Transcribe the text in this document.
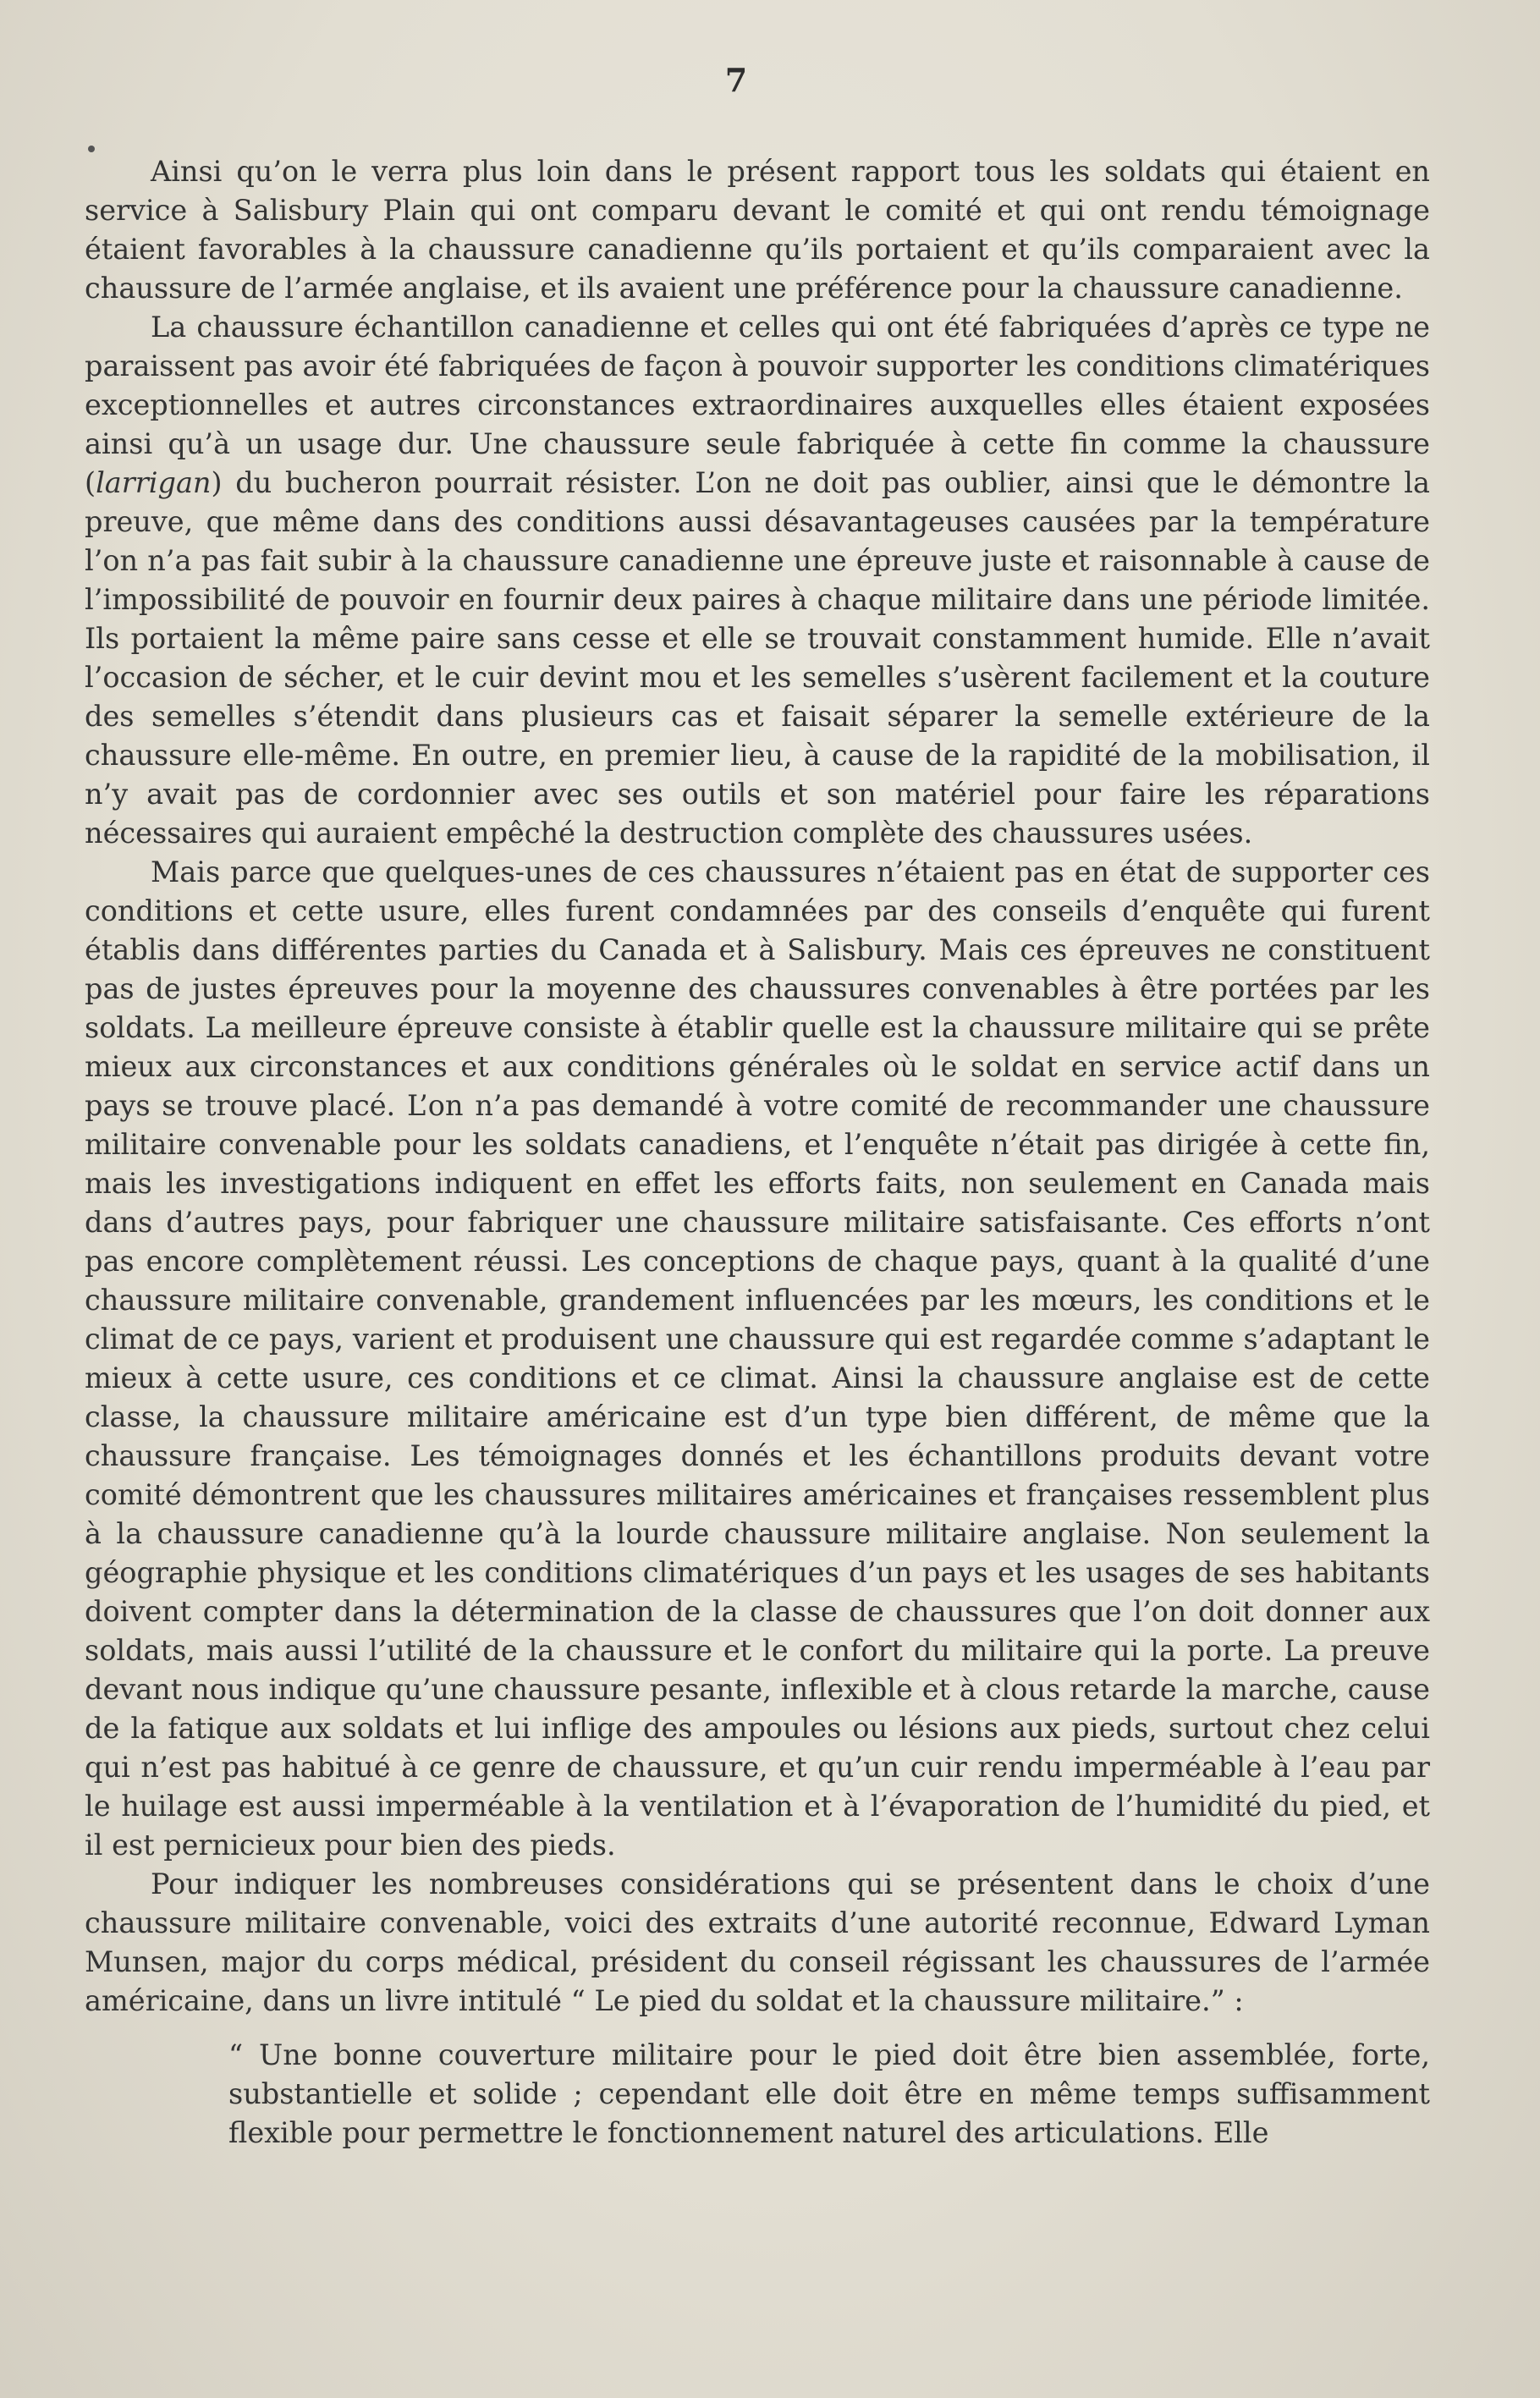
7

Ainsi qu’on le verra plus loin dans le présent rapport tous les soldats qui étaient en service à Salisbury Plain qui ont comparu devant le comité et qui ont rendu témoignage étaient favorables à la chaussure canadienne qu’ils portaient et qu’ils comparaient avec la chaussure de l’armée anglaise, et ils avaient une préférence pour la chaussure canadienne.

La chaussure échantillon canadienne et celles qui ont été fabriquées d’après ce type ne paraissent pas avoir été fabriquées de façon à pouvoir supporter les conditions climatériques exceptionnelles et autres circonstances extraordinaires auxquelles elles étaient exposées ainsi qu’à un usage dur. Une chaussure seule fabriquée à cette fin comme la chaussure (larrigan) du bucheron pourrait résister. L’on ne doit pas oublier, ainsi que le démontre la preuve, que même dans des conditions aussi désavantageuses causées par la température l’on n’a pas fait subir à la chaussure canadienne une épreuve juste et raisonnable à cause de l’impossibilité de pouvoir en fournir deux paires à chaque militaire dans une période limitée. Ils portaient la même paire sans cesse et elle se trouvait constamment humide. Elle n’avait l’occasion de sécher, et le cuir devint mou et les semelles s’usèrent facilement et la couture des semelles s’étendit dans plusieurs cas et faisait séparer la semelle extérieure de la chaussure elle-même. En outre, en premier lieu, à cause de la rapidité de la mobilisation, il n’y avait pas de cordonnier avec ses outils et son matériel pour faire les réparations nécessaires qui auraient empêché la destruction complète des chaussures usées.

Mais parce que quelques-unes de ces chaussures n’étaient pas en état de supporter ces conditions et cette usure, elles furent condamnées par des conseils d’enquête qui furent établis dans différentes parties du Canada et à Salisbury. Mais ces épreuves ne constituent pas de justes épreuves pour la moyenne des chaussures convenables à être portées par les soldats. La meilleure épreuve consiste à établir quelle est la chaussure militaire qui se prête mieux aux circonstances et aux conditions générales où le soldat en service actif dans un pays se trouve placé. L’on n’a pas demandé à votre comité de recommander une chaussure militaire convenable pour les soldats canadiens, et l’enquête n’était pas dirigée à cette fin, mais les investigations indiquent en effet les efforts faits, non seulement en Canada mais dans d’autres pays, pour fabriquer une chaussure militaire satisfaisante. Ces efforts n’ont pas encore complètement réussi. Les conceptions de chaque pays, quant à la qualité d’une chaussure militaire convenable, grandement influencées par les mœurs, les conditions et le climat de ce pays, varient et produisent une chaussure qui est regardée comme s’adaptant le mieux à cette usure, ces conditions et ce climat. Ainsi la chaussure anglaise est de cette classe, la chaussure militaire américaine est d’un type bien différent, de même que la chaussure française. Les témoignages donnés et les échantillons produits devant votre comité démontrent que les chaussures militaires américaines et françaises ressemblent plus à la chaussure canadienne qu’à la lourde chaussure militaire anglaise. Non seulement la géographie physique et les conditions climatériques d’un pays et les usages de ses habitants doivent compter dans la détermination de la classe de chaussures que l’on doit donner aux soldats, mais aussi l’utilité de la chaussure et le confort du militaire qui la porte. La preuve devant nous indique qu’une chaussure pesante, inflexible et à clous retarde la marche, cause de la fatique aux soldats et lui inflige des ampoules ou lésions aux pieds, surtout chez celui qui n’est pas habitué à ce genre de chaussure, et qu’un cuir rendu imperméable à l’eau par le huilage est aussi imperméable à la ventilation et à l’évaporation de l’humidité du pied, et il est pernicieux pour bien des pieds.

Pour indiquer les nombreuses considérations qui se présentent dans le choix d’une chaussure militaire convenable, voici des extraits d’une autorité reconnue, Edward Lyman Munsen, major du corps médical, président du conseil régissant les chaussures de l’armée américaine, dans un livre intitulé “ Le pied du soldat et la chaussure militaire.” :

“ Une bonne couverture militaire pour le pied doit être bien assemblée, forte, substantielle et solide ; cependant elle doit être en même temps suffisamment flexible pour permettre le fonctionnement naturel des articulations. Elle
